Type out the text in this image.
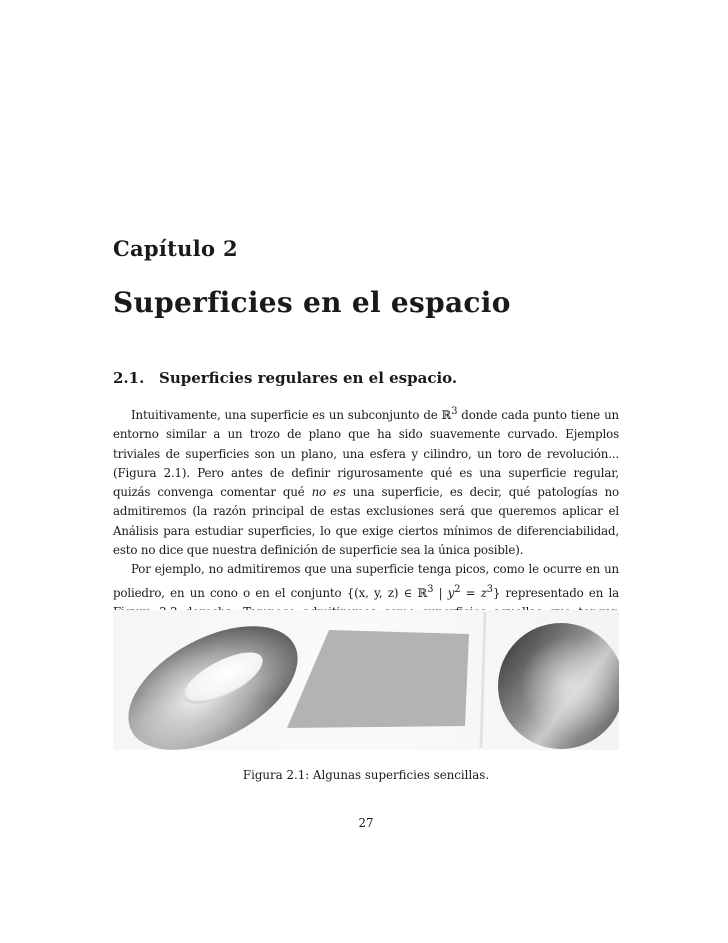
Capítulo 2
Superficies en el espacio
2.1. Superficies regulares en el espacio.

Intuitivamente, una superficie es un subconjunto de ℝ$^3$ donde cada punto tiene un entorno similar a un trozo de plano que ha sido suavemente curvado. Ejemplos triviales de superficies son un plano, una esfera y cilindro, un toro de revolución... (Figura 2.1). Pero antes de definir rigurosamente qué es una superficie regular, quizás convenga comentar qué no es una superficie, es decir, qué patologías no admitiremos (la razón principal de estas exclusiones será que queremos aplicar el Análisis para estudiar superficies, lo que exige ciertos mínimos de diferenciabilidad, esto no dice que nuestra definición de superficie sea la única posible).

Por ejemplo, no admitiremos que una superficie tenga picos, como le ocurre en un poliedro, en un cono o en el conjunto {(x, y, z) ∈ ℝ$^3$ | $y^2 = z^3$} representado en la

Figura 2.1: Algunas superficies sencillas.

27
